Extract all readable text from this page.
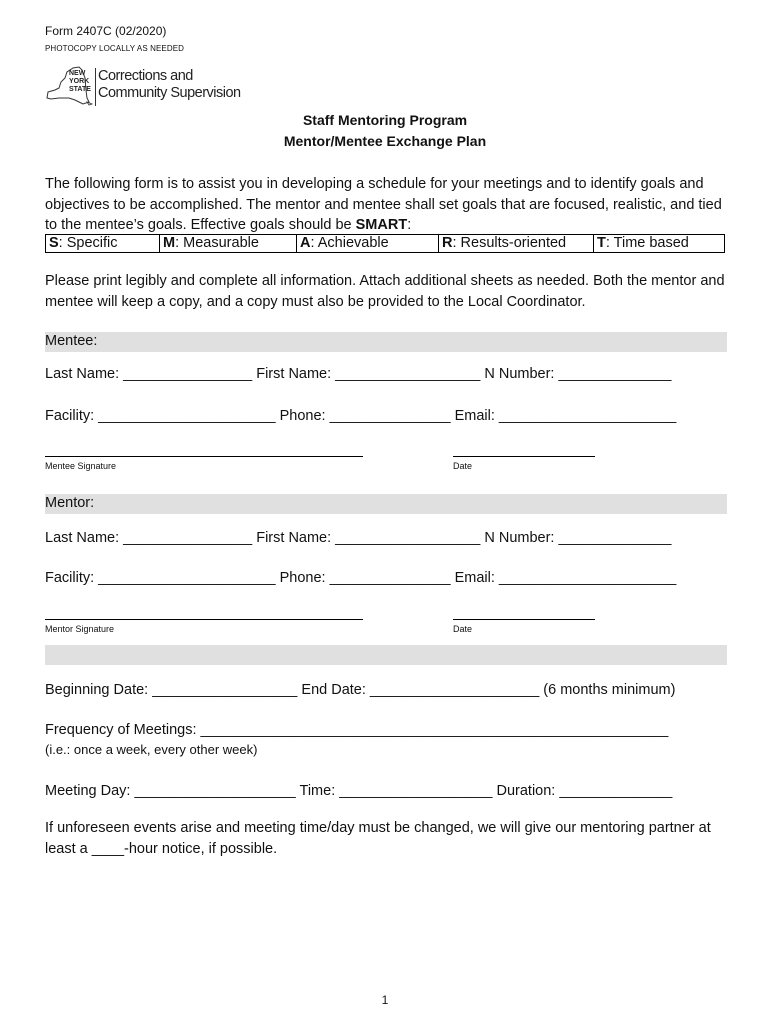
Form 2407C (02/2020)
PHOTOCOPY LOCALLY AS NEEDED
NEW
YORK
STATE
Corrections and
Community Supervision
Staff Mentoring Program
Mentor/Mentee Exchange Plan
The following form is to assist you in developing a schedule for your meetings and to identify goals and objectives to be accomplished. The mentor and mentee shall set goals that are focused, realistic, and tied to the mentee’s goals. Effective goals should be SMART:
S: Specific	M: Measurable	A: Achievable	R: Results-oriented	T: Time based
Please print legibly and complete all information. Attach additional sheets as needed. Both the mentor and mentee will keep a copy, and a copy must also be provided to the Local Coordinator.
Mentee:
Last Name: ________________ First Name: __________________ N Number: ______________
Facility: ______________________ Phone: _______________ Email: ______________________
Mentee Signature	Date
Mentor:
Last Name: ________________ First Name: __________________ N Number: ______________
Facility: ______________________ Phone: _______________ Email: ______________________
Mentor Signature	Date
Beginning Date: __________________ End Date: _____________________ (6 months minimum)
Frequency of Meetings: __________________________________________________________
(i.e.: once a week, every other week)
Meeting Day: ____________________ Time: ___________________ Duration: ______________
If unforeseen events arise and meeting time/day must be changed, we will give our mentoring partner at least a ____-hour notice, if possible.
1
